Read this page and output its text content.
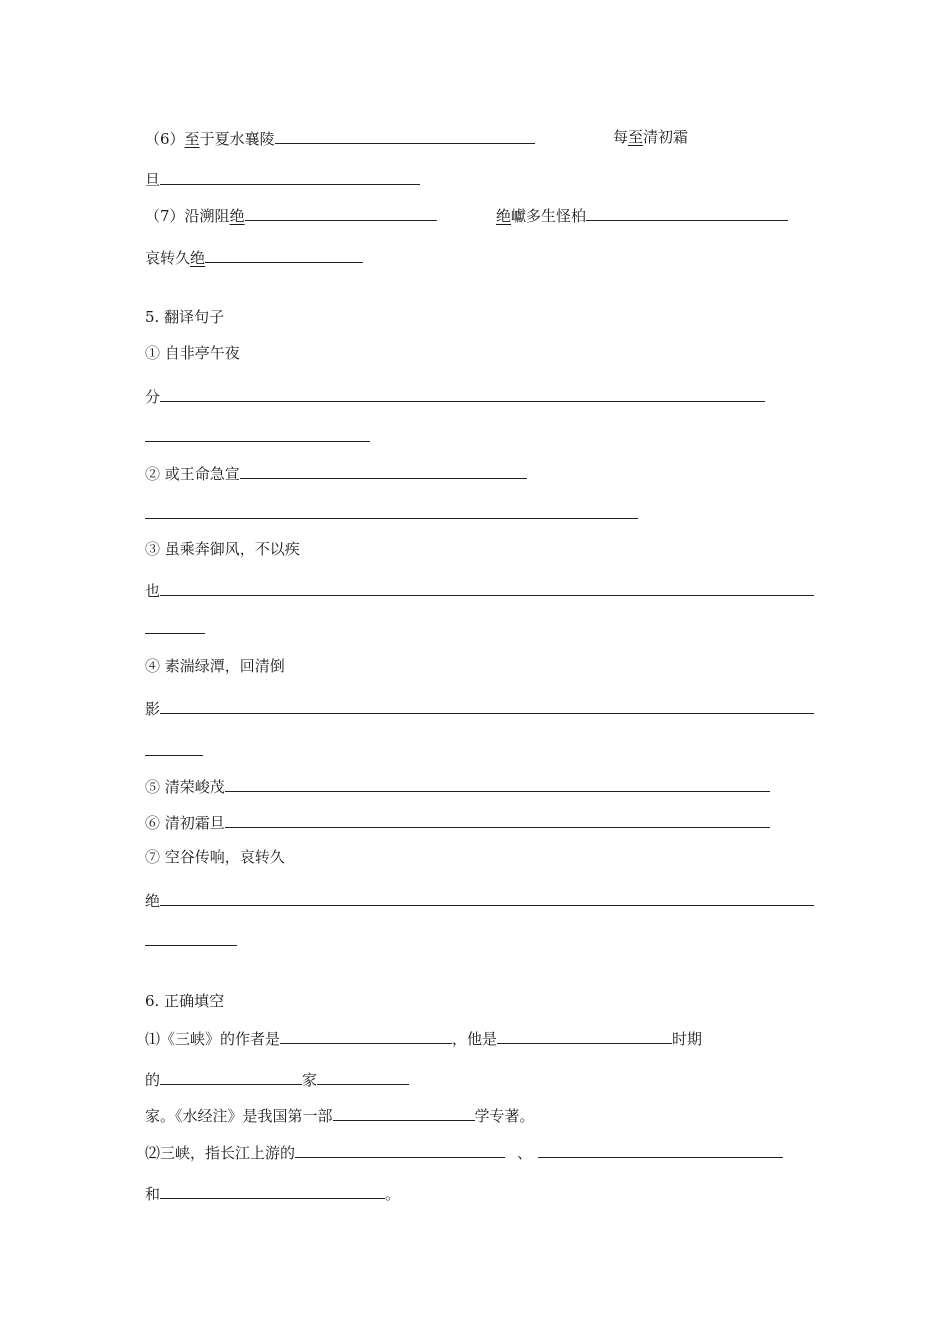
（6）至于夏水襄陵	每至清初霜
旦
（7）沿溯阻绝	绝巘多生怪柏
哀转久绝
5. 翻译句子
① 自非亭午夜
分
② 或王命急宣
③ 虽乘奔御风，不以疾
也
④ 素湍绿潭，回清倒
影
⑤ 清荣峻茂
⑥ 清初霜旦
⑦ 空谷传响，哀转久
绝
6. 正确填空
⑴《三峡》的作者是	，他是	时期
的	家
家。《水经注》是我国第一部	学专著。
⑵三峡，指长江上游的	、
和	。
